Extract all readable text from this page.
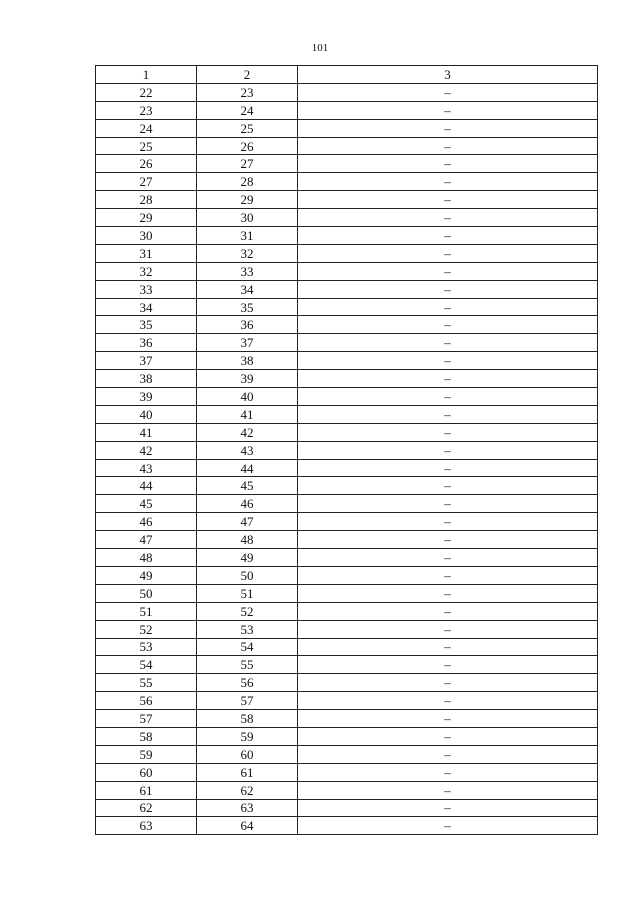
101
1	2	3
22	23	–
23	24	–
24	25	–
25	26	–
26	27	–
27	28	–
28	29	–
29	30	–
30	31	–
31	32	–
32	33	–
33	34	–
34	35	–
35	36	–
36	37	–
37	38	–
38	39	–
39	40	–
40	41	–
41	42	–
42	43	–
43	44	–
44	45	–
45	46	–
46	47	–
47	48	–
48	49	–
49	50	–
50	51	–
51	52	–
52	53	–
53	54	–
54	55	–
55	56	–
56	57	–
57	58	–
58	59	–
59	60	–
60	61	–
61	62	–
62	63	–
63	64	–
